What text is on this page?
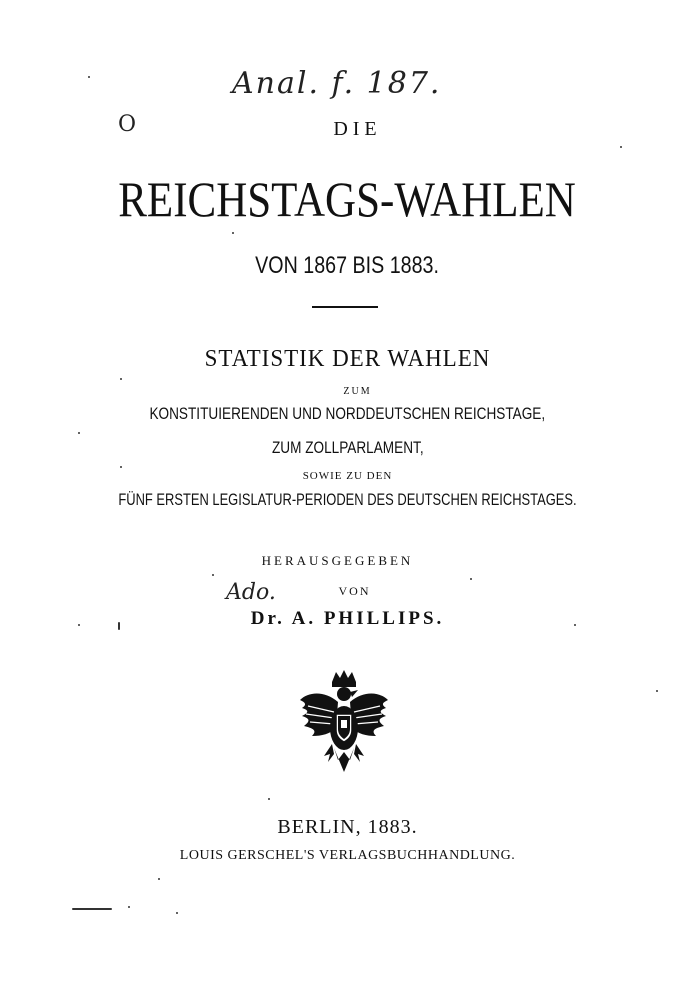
Anal. f. 187.
O
Ado.
DIE
REICHSTAGS-WAHLEN
VON 1867 BIS 1883.
STATISTIK DER WAHLEN
ZUM
KONSTITUIERENDEN UND NORDDEUTSCHEN REICHSTAGE,
ZUM ZOLLPARLAMENT,
SOWIE ZU DEN
FÜNF ERSTEN LEGISLATUR-PERIODEN DES DEUTSCHEN REICHSTAGES.
HERAUSGEGEBEN
VON
Dr. A. PHILLIPS.
BERLIN, 1883.
LOUIS GERSCHEL'S VERLAGSBUCHHANDLUNG.
